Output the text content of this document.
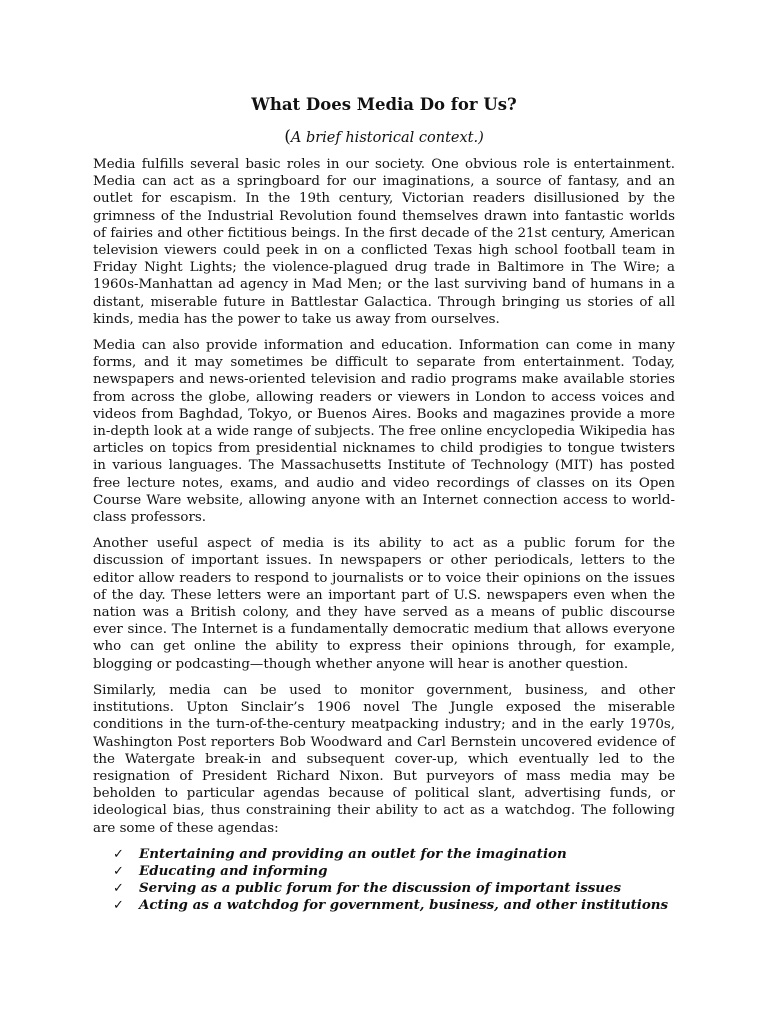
What Does Media Do for Us?

(A brief historical context.)

Media fulfills several basic roles in our society. One obvious role is entertainment. Media can act as a springboard for our imaginations, a source of fantasy, and an outlet for escapism. In the 19th century, Victorian readers disillusioned by the grimness of the Industrial Revolution found themselves drawn into fantastic worlds of fairies and other fictitious beings. In the first decade of the 21st century, American television viewers could peek in on a conflicted Texas high school football team in Friday Night Lights; the violence-plagued drug trade in Baltimore in The Wire; a 1960s-Manhattan ad agency in Mad Men; or the last surviving band of humans in a distant, miserable future in Battlestar Galactica. Through bringing us stories of all kinds, media has the power to take us away from ourselves.

Media can also provide information and education. Information can come in many forms, and it may sometimes be difficult to separate from entertainment. Today, newspapers and news-oriented television and radio programs make available stories from across the globe, allowing readers or viewers in London to access voices and videos from Baghdad, Tokyo, or Buenos Aires. Books and magazines provide a more in-depth look at a wide range of subjects. The free online encyclopedia Wikipedia has articles on topics from presidential nicknames to child prodigies to tongue twisters in various languages. The Massachusetts Institute of Technology (MIT) has posted free lecture notes, exams, and audio and video recordings of classes on its Open Course Ware website, allowing anyone with an Internet connection access to world-class professors.

Another useful aspect of media is its ability to act as a public forum for the discussion of important issues. In newspapers or other periodicals, letters to the editor allow readers to respond to journalists or to voice their opinions on the issues of the day. These letters were an important part of U.S. newspapers even when the nation was a British colony, and they have served as a means of public discourse ever since. The Internet is a fundamentally democratic medium that allows everyone who can get online the ability to express their opinions through, for example, blogging or podcasting—though whether anyone will hear is another question.

Similarly, media can be used to monitor government, business, and other institutions. Upton Sinclair’s 1906 novel The Jungle exposed the miserable conditions in the turn-of-the-century meatpacking industry; and in the early 1970s, Washington Post reporters Bob Woodward and Carl Bernstein uncovered evidence of the Watergate break-in and subsequent cover-up, which eventually led to the resignation of President Richard Nixon. But purveyors of mass media may be beholden to particular agendas because of political slant, advertising funds, or ideological bias, thus constraining their ability to act as a watchdog. The following are some of these agendas:

✓	Entertaining and providing an outlet for the imagination
✓	Educating and informing
✓	Serving as a public forum for the discussion of important issues
✓	Acting as a watchdog for government, business, and other institutions
